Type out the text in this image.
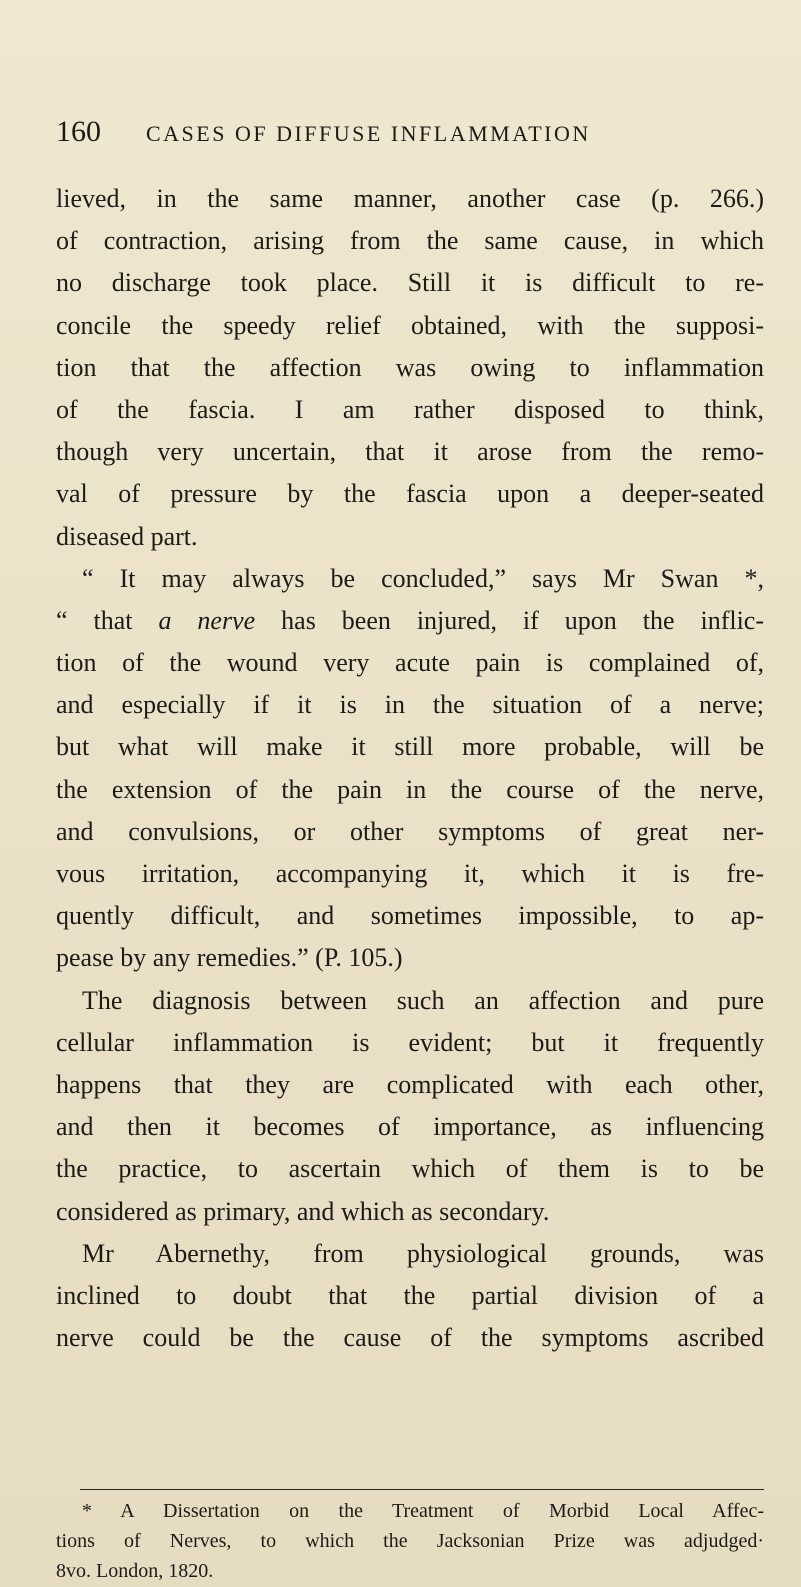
160 CASES OF DIFFUSE INFLAMMATION
lieved, in the same manner, another case (p. 266.)
of contraction, arising from the same cause, in which
no discharge took place. Still it is difficult to re-
concile the speedy relief obtained, with the supposi-
tion that the affection was owing to inflammation
of the fascia. I am rather disposed to think,
though very uncertain, that it arose from the remo-
val of pressure by the fascia upon a deeper-seated
diseased part.
“ It may always be concluded,” says Mr Swan *,
“ that a nerve has been injured, if upon the inflic-
tion of the wound very acute pain is complained of,
and especially if it is in the situation of a nerve;
but what will make it still more probable, will be
the extension of the pain in the course of the nerve,
and convulsions, or other symptoms of great ner-
vous irritation, accompanying it, which it is fre-
quently difficult, and sometimes impossible, to ap-
pease by any remedies.” (P. 105.)
The diagnosis between such an affection and pure
cellular inflammation is evident; but it frequently
happens that they are complicated with each other,
and then it becomes of importance, as influencing
the practice, to ascertain which of them is to be
considered as primary, and which as secondary.
Mr Abernethy, from physiological grounds, was
inclined to doubt that the partial division of a
nerve could be the cause of the symptoms ascribed
* A Dissertation on the Treatment of Morbid Local Affec-
tions of Nerves, to which the Jacksonian Prize was adjudged·
8vo. London, 1820.
